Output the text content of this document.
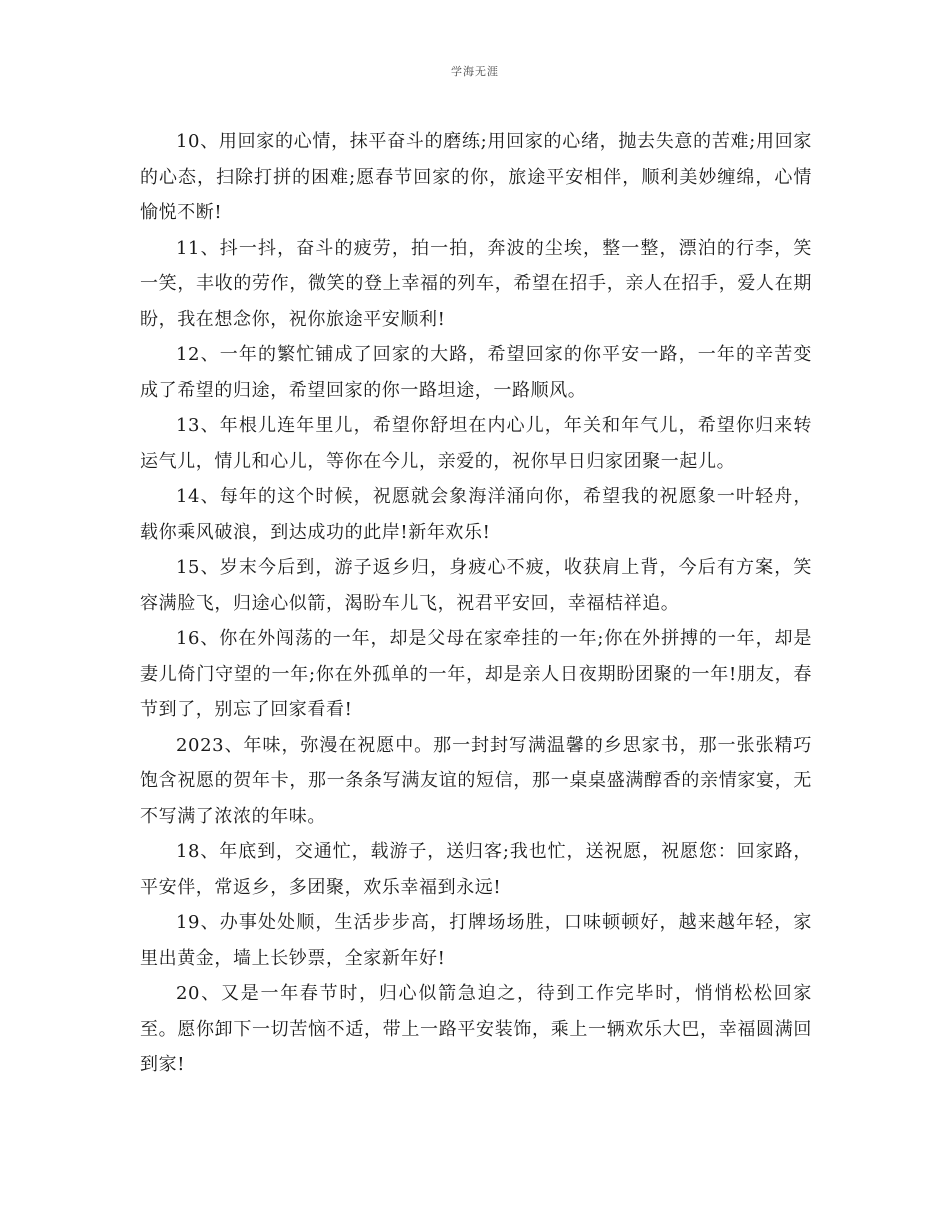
学海无涯

10、用回家的心情，抹平奋斗的磨练;用回家的心绪，抛去失意的苦难;用回家的心态，扫除打拼的困难;愿春节回家的你，旅途平安相伴，顺利美妙缠绵，心情愉悦不断!

11、抖一抖，奋斗的疲劳，拍一拍，奔波的尘埃，整一整，漂泊的行李，笑一笑，丰收的劳作，微笑的登上幸福的列车，希望在招手，亲人在招手，爱人在期盼，我在想念你，祝你旅途平安顺利!

12、一年的繁忙铺成了回家的大路，希望回家的你平安一路，一年的辛苦变成了希望的归途，希望回家的你一路坦途，一路顺风。

13、年根儿连年里儿，希望你舒坦在内心儿，年关和年气儿，希望你归来转运气儿，情儿和心儿，等你在今儿，亲爱的，祝你早日归家团聚一起儿。

14、每年的这个时候，祝愿就会象海洋涌向你，希望我的祝愿象一叶轻舟，载你乘风破浪，到达成功的此岸!新年欢乐!

15、岁末今后到，游子返乡归，身疲心不疲，收获肩上背，今后有方案，笑容满脸飞，归途心似箭，渴盼车儿飞，祝君平安回，幸福桔祥追。

16、你在外闯荡的一年，却是父母在家牵挂的一年;你在外拼搏的一年，却是妻儿倚门守望的一年;你在外孤单的一年，却是亲人日夜期盼团聚的一年!朋友，春节到了，别忘了回家看看!

2023、年味，弥漫在祝愿中。那一封封写满温馨的乡思家书，那一张张精巧饱含祝愿的贺年卡，那一条条写满友谊的短信，那一桌桌盛满醇香的亲情家宴，无不写满了浓浓的年味。

18、年底到，交通忙，载游子，送归客;我也忙，送祝愿，祝愿您：回家路，平安伴，常返乡，多团聚，欢乐幸福到永远!

19、办事处处顺，生活步步高，打牌场场胜，口味顿顿好，越来越年轻，家里出黄金，墙上长钞票，全家新年好!

20、又是一年春节时，归心似箭急迫之，待到工作完毕时，悄悄松松回家至。愿你卸下一切苦恼不适，带上一路平安装饰，乘上一辆欢乐大巴，幸福圆满回到家!
